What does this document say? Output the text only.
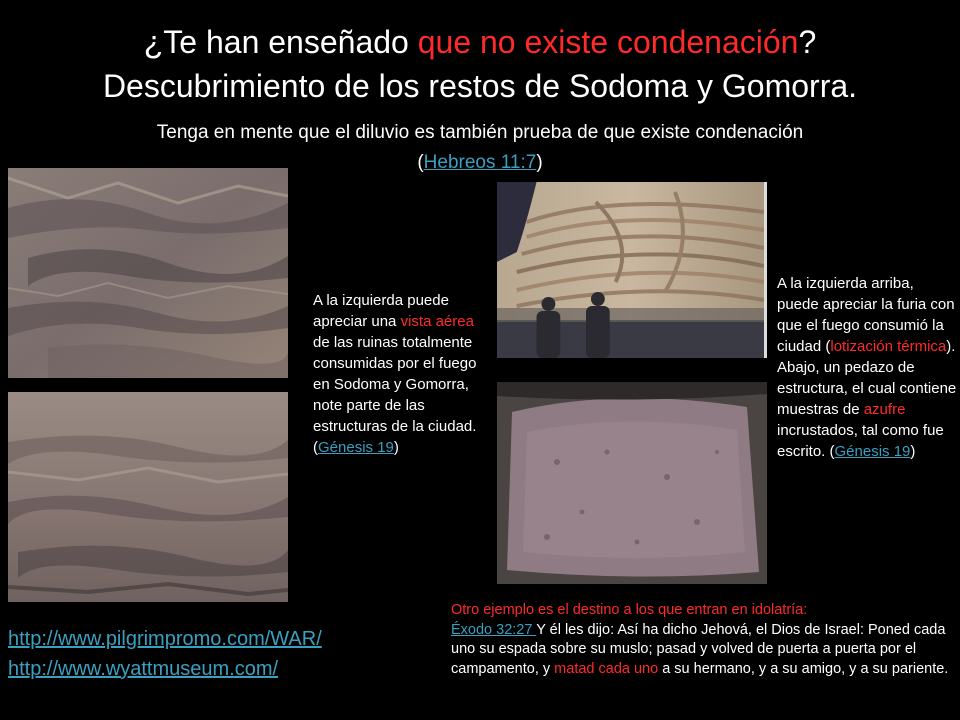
¿Te han enseñado que no existe condenación?
Descubrimiento de los restos de Sodoma y Gomorra.
Tenga en mente que el diluvio es también prueba de que existe condenación
(Hebreos 11:7)
A la izquierda puede apreciar una vista aérea de las ruinas totalmente consumidas por el fuego en Sodoma y Gomorra, note parte de las estructuras de la ciudad. (Génesis 19)
A la izquierda arriba, puede apreciar la furia con que el fuego consumió la ciudad (lotización térmica). Abajo, un pedazo de estructura, el cual contiene muestras de azufre incrustados, tal como fue escrito. (Génesis 19)
Otro ejemplo es el destino a los que entran en idolatría:
Éxodo 32:27 Y él les dijo: Así ha dicho Jehová, el Dios de Israel: Poned cada uno su espada sobre su muslo; pasad y volved de puerta a puerta por el campamento, y matad cada uno a su hermano, y a su amigo, y a su pariente.
http://www.pilgrimpromo.com/WAR/
http://www.wyattmuseum.com/
